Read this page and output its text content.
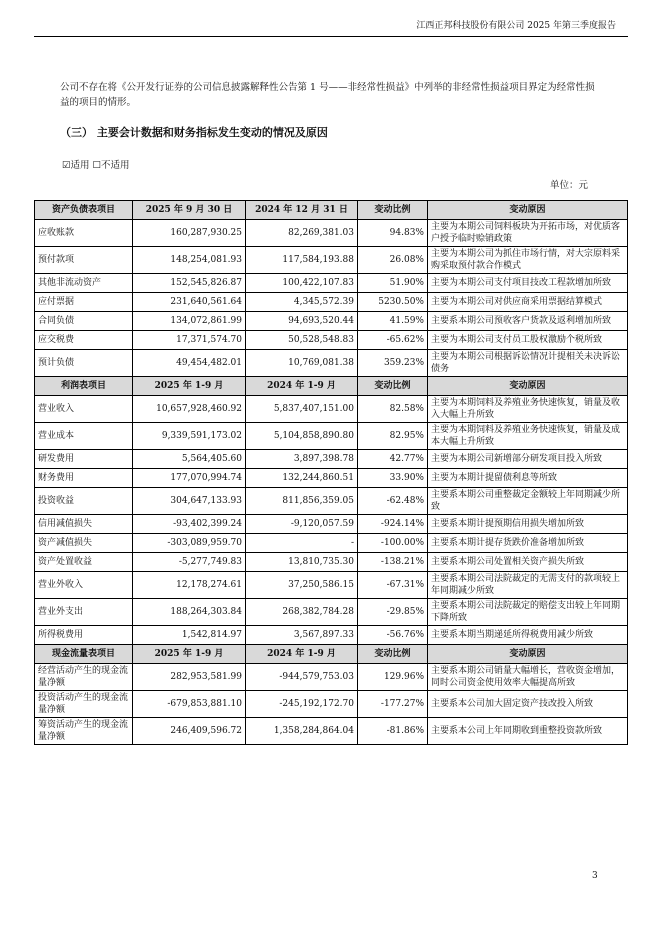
江西正邦科技股份有限公司 2025 年第三季度报告
公司不存在将《公开发行证券的公司信息披露解释性公告第 1 号——非经常性损益》中列举的非经常性损益项目界定为经常性损益的项目的情形。
（三） 主要会计数据和财务指标发生变动的情况及原因
☑适用 ☐不适用
单位：元
资产负债表项目	2025 年 9 月 30 日	2024 年 12 月 31 日	变动比例	变动原因
应收账款	160,287,930.25	82,269,381.03	94.83%	主要为本期公司饲料板块为开拓市场，对优质客户授予临时赊销政策
预付款项	148,254,081.93	117,584,193.88	26.08%	主要为本期公司为抓住市场行情，对大宗原料采购采取预付款合作模式
其他非流动资产	152,545,826.87	100,422,107.83	51.90%	主要为本期公司支付项目技改工程款增加所致
应付票据	231,640,561.64	4,345,572.39	5230.50%	主要为本期公司对供应商采用票据结算模式
合同负债	134,072,861.99	94,693,520.44	41.59%	主要系本期公司预收客户货款及返利增加所致
应交税费	17,371,574.70	50,528,548.83	-65.62%	主要为本期公司支付员工股权激励个税所致
预计负债	49,454,482.01	10,769,081.38	359.23%	主要为本期公司根据诉讼情况计提相关未决诉讼债务
利润表项目	2025 年 1-9 月	2024 年 1-9 月	变动比例	变动原因
营业收入	10,657,928,460.92	5,837,407,151.00	82.58%	主要为本期饲料及养殖业务快速恢复，销量及收入大幅上升所致
营业成本	9,339,591,173.02	5,104,858,890.80	82.95%	主要为本期饲料及养殖业务快速恢复，销量及成本大幅上升所致
研发费用	5,564,405.60	3,897,398.78	42.77%	主要为本期公司新增部分研发项目投入所致
财务费用	177,070,994.74	132,244,860.51	33.90%	主要为本期计提留债利息等所致
投资收益	304,647,133.93	811,856,359.05	-62.48%	主要系本期公司重整裁定金额较上年同期减少所致
信用减值损失	-93,402,399.24	-9,120,057.59	-924.14%	主要系本期计提预期信用损失增加所致
资产减值损失	-303,089,959.70	-	-100.00%	主要系本期计提存货跌价准备增加所致
资产处置收益	-5,277,749.83	13,810,735.30	-138.21%	主要系本期公司处置相关资产损失所致
营业外收入	12,178,274.61	37,250,586.15	-67.31%	主要系本期公司法院裁定的无需支付的款项较上年同期减少所致
营业外支出	188,264,303.84	268,382,784.28	-29.85%	主要系本期公司法院裁定的赔偿支出较上年同期下降所致
所得税费用	1,542,814.97	3,567,897.33	-56.76%	主要系本期当期递延所得税费用减少所致
现金流量表项目	2025 年 1-9 月	2024 年 1-9 月	变动比例	变动原因
经营活动产生的现金流量净额	282,953,581.99	-944,579,753.03	129.96%	主要系本期公司销量大幅增长，营收资金增加，同时公司资金使用效率大幅提高所致
投资活动产生的现金流量净额	-679,853,881.10	-245,192,172.70	-177.27%	主要系本公司加大固定资产技改投入所致
筹资活动产生的现金流量净额	246,409,596.72	1,358,284,864.04	-81.86%	主要系本公司上年同期收到重整投资款所致
3
